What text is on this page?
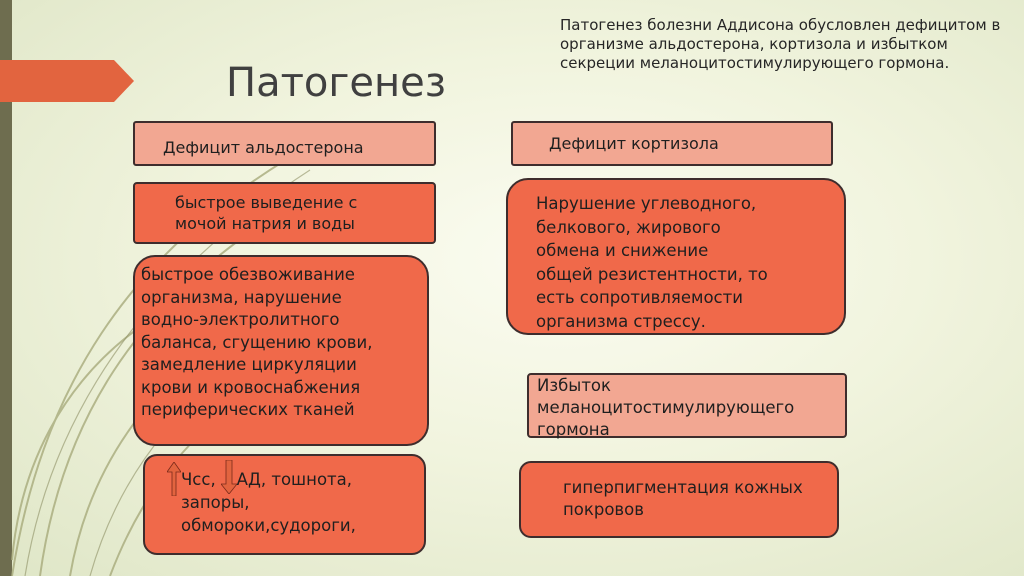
Патогенез
Патогенез болезни Аддисона обусловлен дефицитом в организме альдостерона, кортизола и избытком секреции меланоцитостимулирующего гормона.
Дефицит альдостерона
быстрое выведение с
мочой натрия и воды
быстрое обезвоживание
организма, нарушение
водно-электролитного
баланса, сгущению крови,
замедление циркуляции
крови и кровоснабжения
периферических тканей
Чсс,    АД, тошнота,
запоры,
обмороки,судороги,
Дефицит кортизола
Нарушение углеводного,
белкового, жирового
обмена и снижение
общей резистентности, то
есть сопротивляемости
организма стрессу.
Избыток
меланоцитостимулирующего
гормона
гиперпигментация кожных
покровов
